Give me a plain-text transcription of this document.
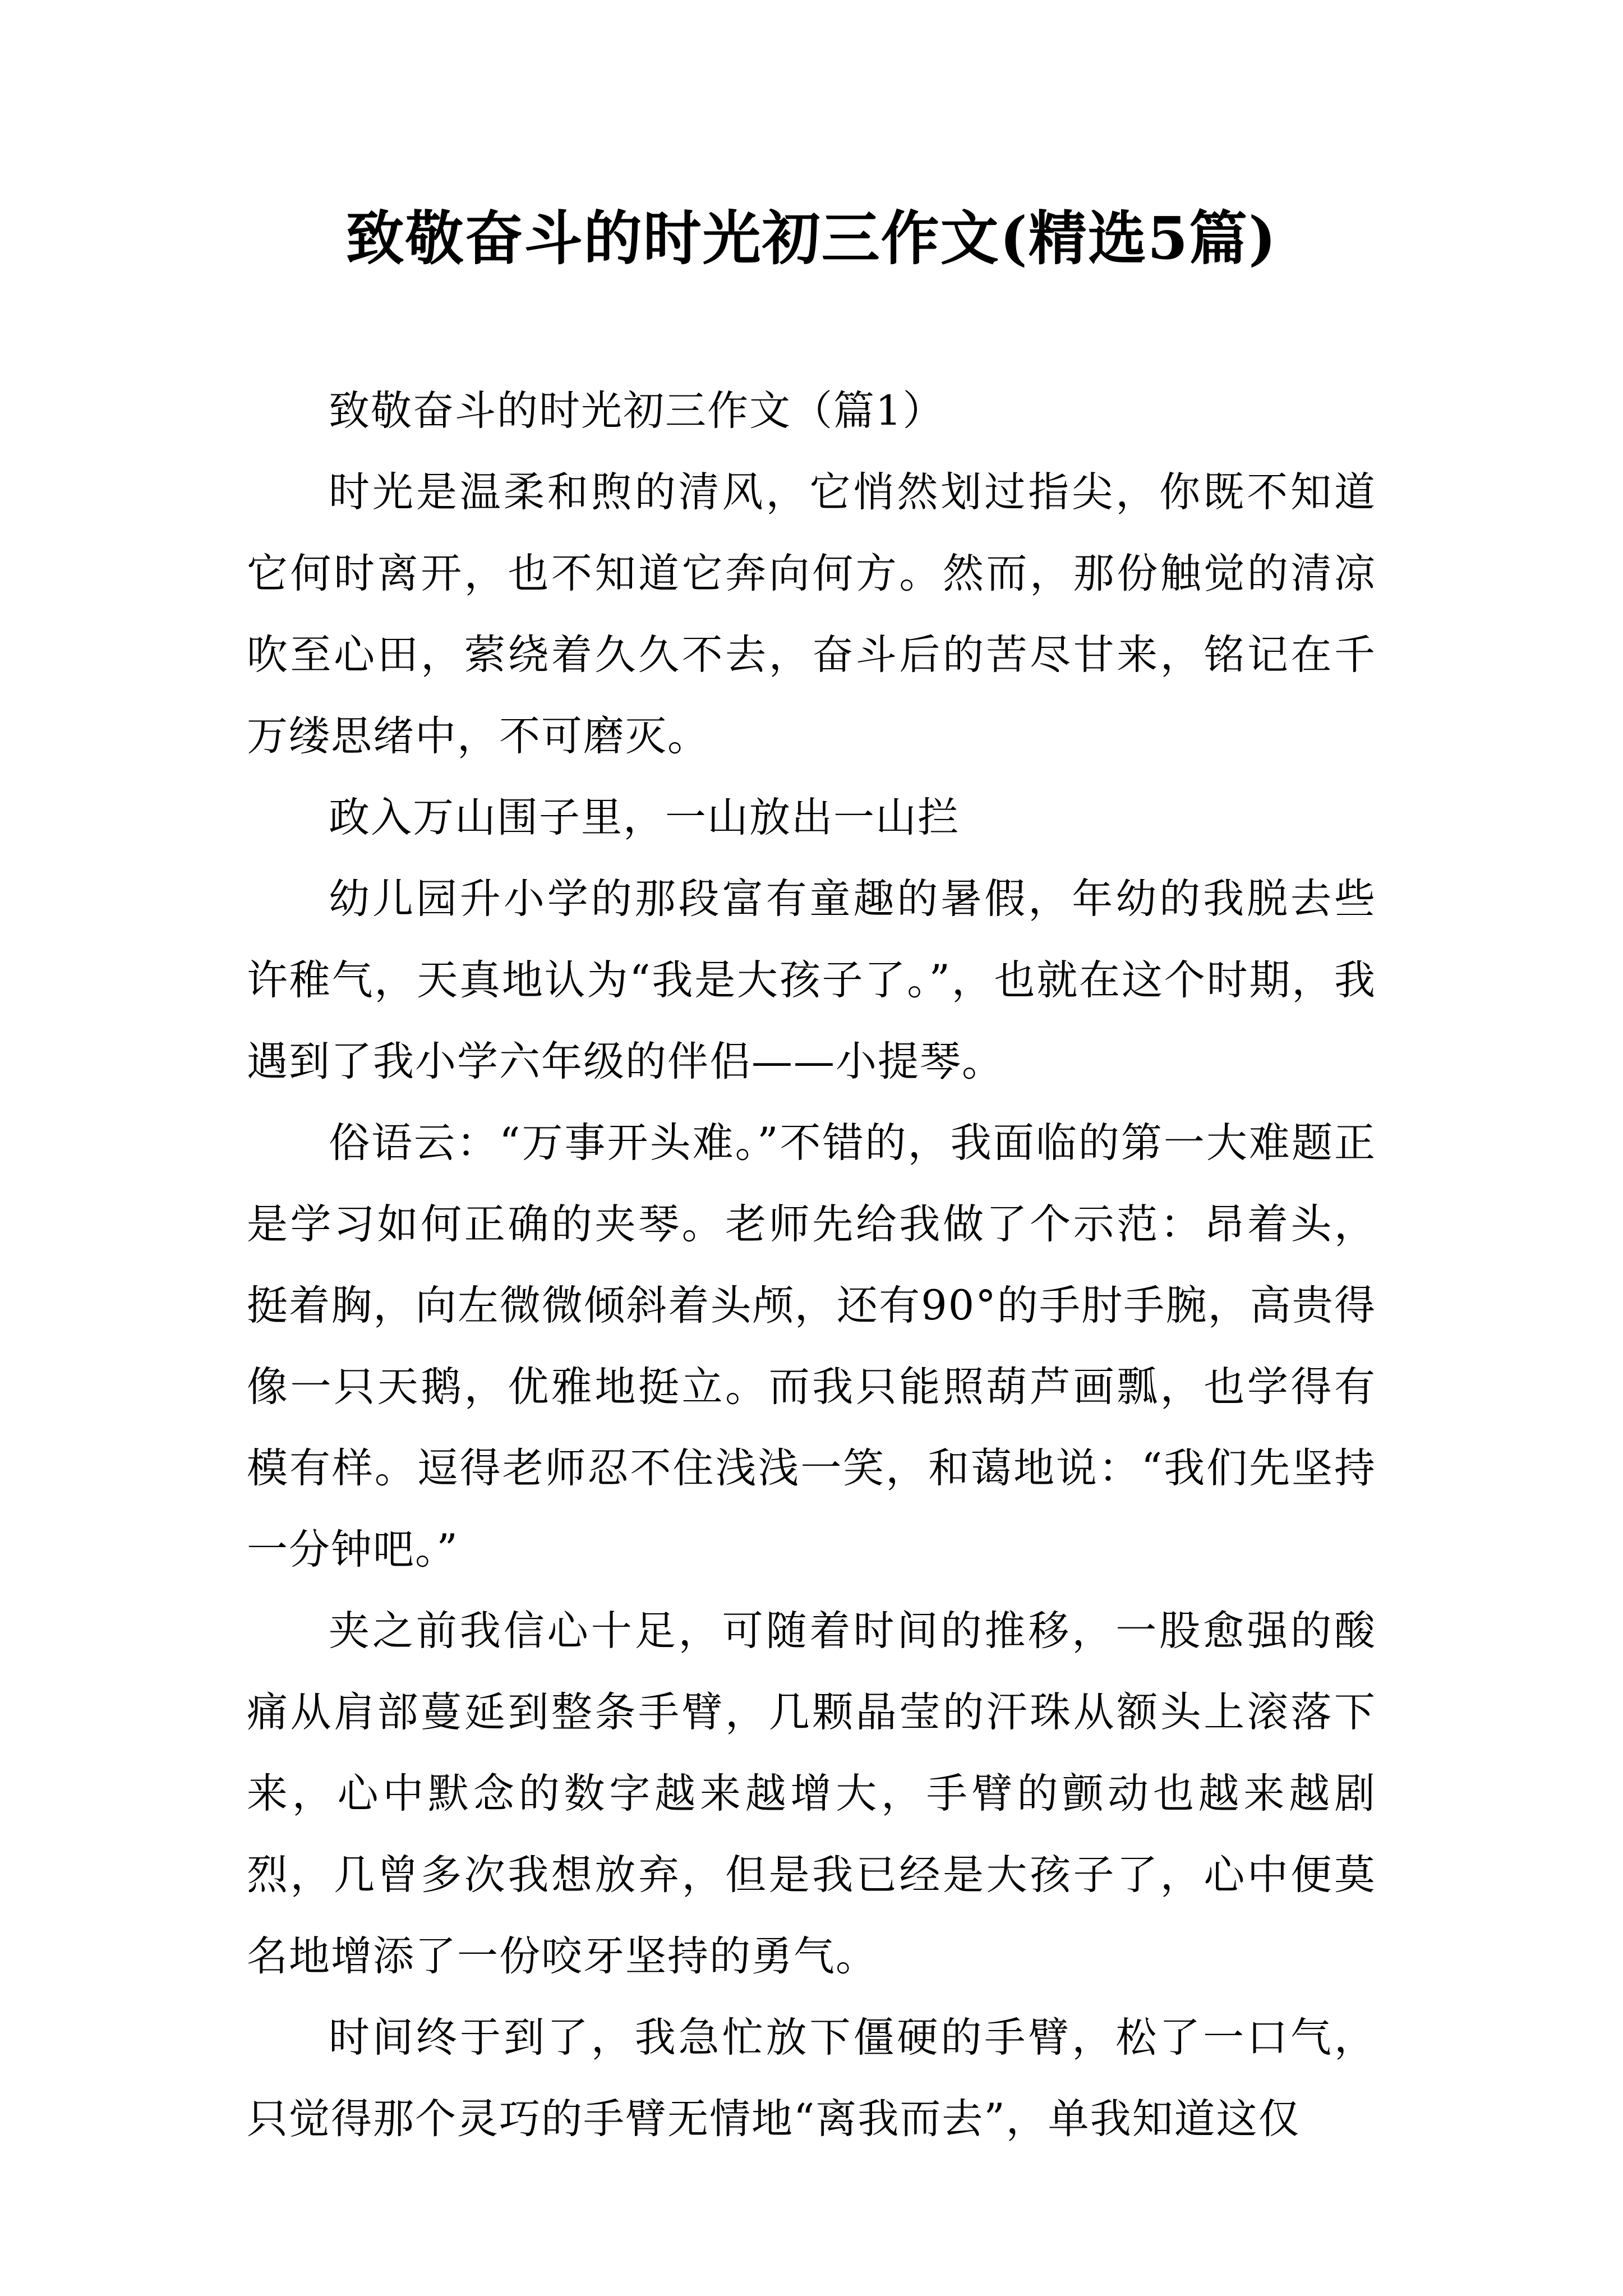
致敬奋斗的时光初三作文(精选5篇)

致敬奋斗的时光初三作文（篇1）

时光是温柔和煦的清风，它悄然划过指尖，你既不知道它何时离开，也不知道它奔向何方。然而，那份触觉的清凉吹至心田，萦绕着久久不去，奋斗后的苦尽甘来，铭记在千万缕思绪中，不可磨灭。

政入万山围子里，一山放出一山拦

幼儿园升小学的那段富有童趣的暑假，年幼的我脱去些许稚气，天真地认为“我是大孩子了。”，也就在这个时期，我遇到了我小学六年级的伴侣——小提琴。

俗语云：“万事开头难。”不错的，我面临的第一大难题正是学习如何正确的夹琴。老师先给我做了个示范：昂着头，挺着胸，向左微微倾斜着头颅，还有90°的手肘手腕，高贵得像一只天鹅，优雅地挺立。而我只能照葫芦画瓢，也学得有模有样。逗得老师忍不住浅浅一笑，和蔼地说：“我们先坚持一分钟吧。”

夹之前我信心十足，可随着时间的推移，一股愈强的酸痛从肩部蔓延到整条手臂，几颗晶莹的汗珠从额头上滚落下来，心中默念的数字越来越增大，手臂的颤动也越来越剧烈，几曾多次我想放弃，但是我已经是大孩子了，心中便莫名地增添了一份咬牙坚持的勇气。

时间终于到了，我急忙放下僵硬的手臂，松了一口气，只觉得那个灵巧的手臂无情地“离我而去”，单我知道这仅
